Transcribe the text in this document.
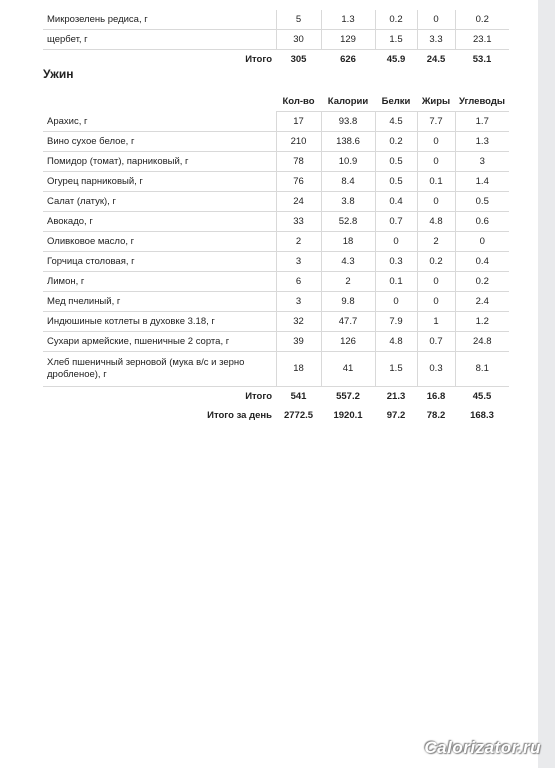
Микрозелень редиса, г	5	1.3	0.2	0	0.2
щербет, г	30	129	1.5	3.3	23.1
Итого	305	626	45.9	24.5	53.1
Ужин
	Кол-во	Калории	Белки	Жиры	Углеводы
Арахис, г	17	93.8	4.5	7.7	1.7
Вино сухое белое, г	210	138.6	0.2	0	1.3
Помидор (томат), парниковый, г	78	10.9	0.5	0	3
Огурец парниковый, г	76	8.4	0.5	0.1	1.4
Салат (латук), г	24	3.8	0.4	0	0.5
Авокадо, г	33	52.8	0.7	4.8	0.6
Оливковое масло, г	2	18	0	2	0
Горчица столовая, г	3	4.3	0.3	0.2	0.4
Лимон, г	6	2	0.1	0	0.2
Мед пчелиный, г	3	9.8	0	0	2.4
Индюшиные котлеты в духовке 3.18, г	32	47.7	7.9	1	1.2
Сухари армейские, пшеничные 2 сорта, г	39	126	4.8	0.7	24.8
Хлеб пшеничный зерновой (мука в/с и зерно дробленое), г	18	41	1.5	0.3	8.1
Итого	541	557.2	21.3	16.8	45.5
Итого за день	2772.5	1920.1	97.2	78.2	168.3
Calorizator.ru
